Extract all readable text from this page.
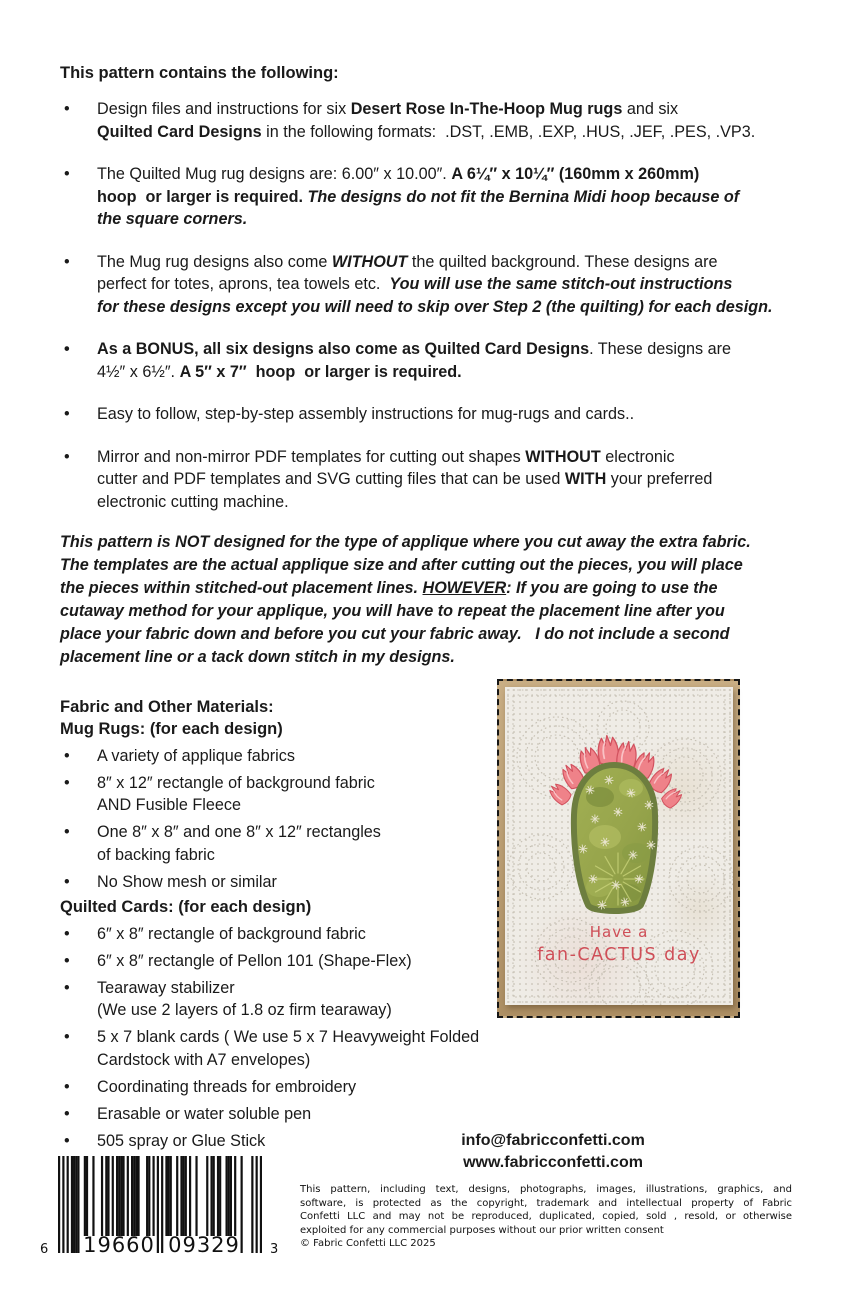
This pattern contains the following:
• Design files and instructions for six Desert Rose In-The-Hoop Mug rugs and six
Quilted Card Designs in the following formats:  .DST, .EMB, .EXP, .HUS, .JEF, .PES, .VP3.
• The Quilted Mug rug designs are: 6.00″ x 10.00″. A 6¼″ x 10¼″ (160mm x 260mm)
hoop  or larger is required. The designs do not fit the Bernina Midi hoop because of
the square corners.
• The Mug rug designs also come WITHOUT the quilted background. These designs are
perfect for totes, aprons, tea towels etc.  You will use the same stitch-out instructions
for these designs except you will need to skip over Step 2 (the quilting) for each design.
• As a BONUS, all six designs also come as Quilted Card Designs. These designs are
4½″ x 6½″. A 5″ x 7″  hoop  or larger is required.
• Easy to follow, step-by-step assembly instructions for mug-rugs and cards..
• Mirror and non-mirror PDF templates for cutting out shapes WITHOUT electronic
cutter and PDF templates and SVG cutting files that can be used WITH your preferred
electronic cutting machine.

This pattern is NOT designed for the type of applique where you cut away the extra fabric.
The templates are the actual applique size and after cutting out the pieces, you will place
the pieces within stitched-out placement lines. HOWEVER: If you are going to use the
cutaway method for your applique, you will have to repeat the placement line after you
place your fabric down and before you cut your fabric away.   I do not include a second
placement line or a tack down stitch in my designs.

Fabric and Other Materials:
Mug Rugs: (for each design)
• A variety of applique fabrics
• 8″ x 12″ rectangle of background fabric
AND Fusible Fleece
• One 8″ x 8″ and one 8″ x 12″ rectangles
of backing fabric
• No Show mesh or similar
Quilted Cards: (for each design)
• 6″ x 8″ rectangle of background fabric
• 6″ x 8″ rectangle of Pellon 101 (Shape-Flex)
• Tearaway stabilizer
(We use 2 layers of 1.8 oz firm tearaway)
• 5 x 7 blank cards ( We use 5 x 7 Heavyweight Folded
Cardstock with A7 envelopes)
• Coordinating threads for embroidery
• Erasable or water soluble pen
• 505 spray or Glue Stick
Have a
fan-CACTUS day
info@fabricconfetti.com
www.fabricconfetti.com
This pattern, including text, designs, photographs, images, illustrations, graphics, and
software, is protected as the copyright, trademark and intellectual property of Fabric
Confetti LLC and may not be reproduced, duplicated, copied, sold , resold, or otherwise
exploited for any commercial purposes without our prior written consent
© Fabric Confetti LLC 2025
6 19660 09329 3
